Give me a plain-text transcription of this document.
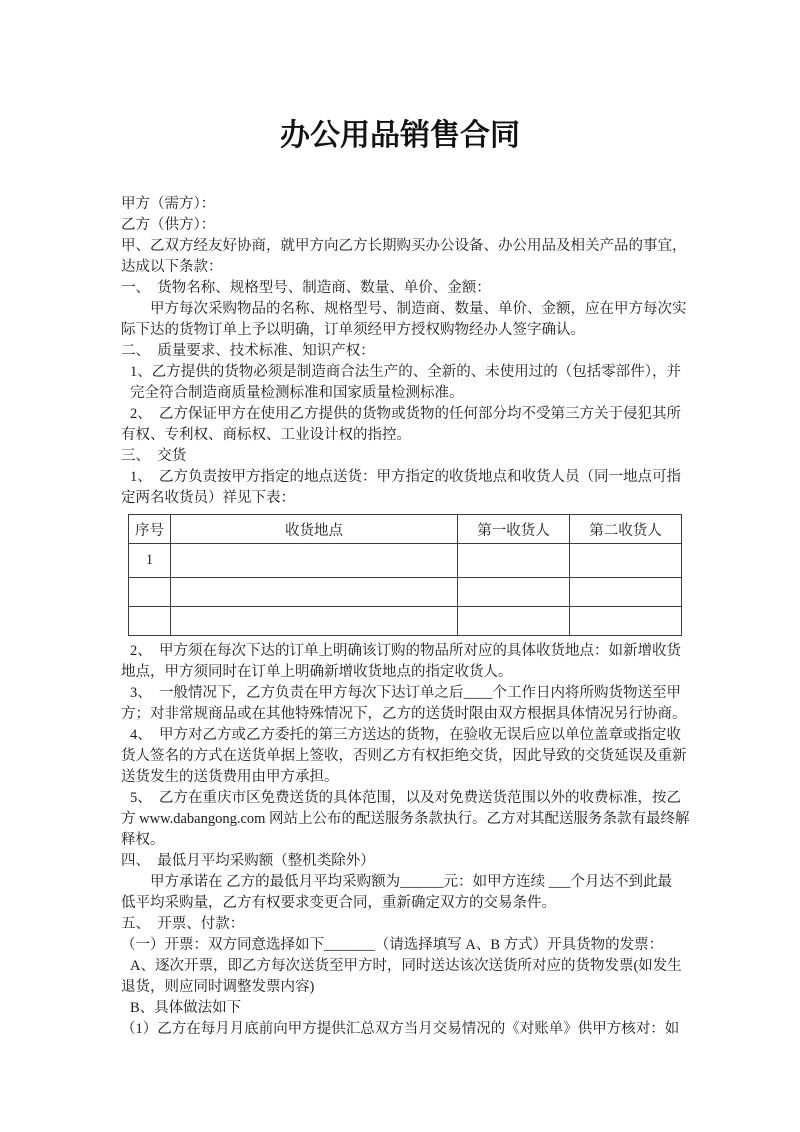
办公用品销售合同
甲方（需方）：
乙方（供方）：
甲、乙双方经友好协商，就甲方向乙方长期购买办公设备、办公用品及相关产品的事宜，
达成以下条款：
一、　货物名称、规格型号、制造商、数量、单价、金额：
甲方每次采购物品的名称、规格型号、制造商、数量、单价、金额，应在甲方每次实
际下达的货物订单上予以明确，订单须经甲方授权购物经办人签字确认。
二、　质量要求、技术标准、知识产权：
1、乙方提供的货物必须是制造商合法生产的、全新的、未使用过的（包括零部件），并
完全符合制造商质量检测标准和国家质量检测标准。
2、　乙方保证甲方在使用乙方提供的货物或货物的任何部分均不受第三方关于侵犯其所
有权、专利权、商标权、工业设计权的指控。
三、　交货
1、　乙方负责按甲方指定的地点送货：甲方指定的收货地点和收货人员（同一地点可指
定两名收货员）祥见下表：
序号	收货地点	第一收货人	第二收货人
1			

2、　甲方须在每次下达的订单上明确该订购的物品所对应的具体收货地点：如新增收货
地点，甲方须同时在订单上明确新增收货地点的指定收货人。
3、　一般情况下，乙方负责在甲方每次下达订单之后____个工作日内将所购货物送至甲
方；对非常规商品或在其他特殊情况下，乙方的送货时限由双方根据具体情况另行协商。
4、　甲方对乙方或乙方委托的第三方送达的货物，在验收无误后应以单位盖章或指定收
货人签名的方式在送货单据上签收，否则乙方有权拒绝交货，因此导致的交货延误及重新
送货发生的送货费用由甲方承担。
5、　乙方在重庆市区免费送货的具体范围，以及对免费送货范围以外的收费标准，按乙
方 www.dabangong.com 网站上公布的配送服务条款执行。乙方对其配送服务条款有最终解
释权。
四、　最低月平均采购额（整机类除外）
甲方承诺在 乙方的最低月平均采购额为______元：如甲方连续 ___个月达不到此最
低平均采购量，乙方有权要求变更合同，重新确定双方的交易条件。
五、　开票、付款：
（一）开票：双方同意选择如下_______（请选择填写 A、B 方式）开具货物的发票：
A、逐次开票，即乙方每次送货至甲方时，同时送达该次送货所对应的货物发票(如发生
退货，则应同时调整发票内容)
B、具体做法如下
（1）乙方在每月月底前向甲方提供汇总双方当月交易情况的《对账单》供甲方核对：如
